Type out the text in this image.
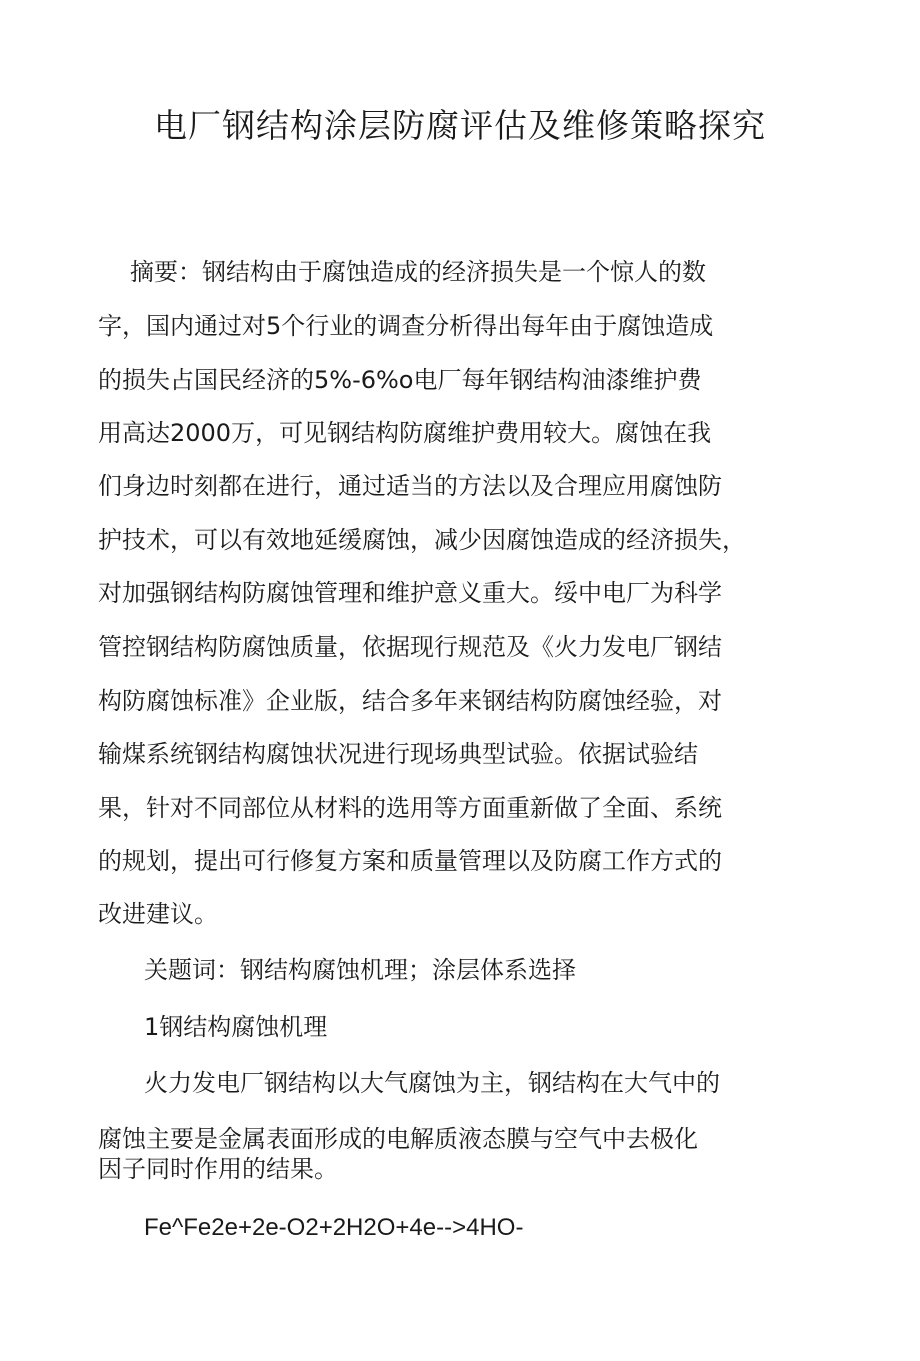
电厂钢结构涂层防腐评估及维修策略探究

摘要：钢结构由于腐蚀造成的经济损失是一个惊人的数

字，国内通过对5个行业的调查分析得出每年由于腐蚀造成

的损失占国民经济的5%-6%o电厂每年钢结构油漆维护费

用高达2000万，可见钢结构防腐维护费用较大。腐蚀在我

们身边时刻都在进行，通过适当的方法以及合理应用腐蚀防

护技术，可以有效地延缓腐蚀，减少因腐蚀造成的经济损失，

对加强钢结构防腐蚀管理和维护意义重大。绥中电厂为科学

管控钢结构防腐蚀质量，依据现行规范及《火力发电厂钢结

构防腐蚀标准》企业版，结合多年来钢结构防腐蚀经验，对

输煤系统钢结构腐蚀状况进行现场典型试验。依据试验结

果，针对不同部位从材料的选用等方面重新做了全面、系统

的规划，提出可行修复方案和质量管理以及防腐工作方式的

改进建议。

关题词：钢结构腐蚀机理；涂层体系选择

1钢结构腐蚀机理

火力发电厂钢结构以大气腐蚀为主，钢结构在大气中的

腐蚀主要是金属表面形成的电解质液态膜与空气中去极化

因子同时作用的结果。

Fe^Fe2e+2e-O2+2H2O+4e-->4HO-
